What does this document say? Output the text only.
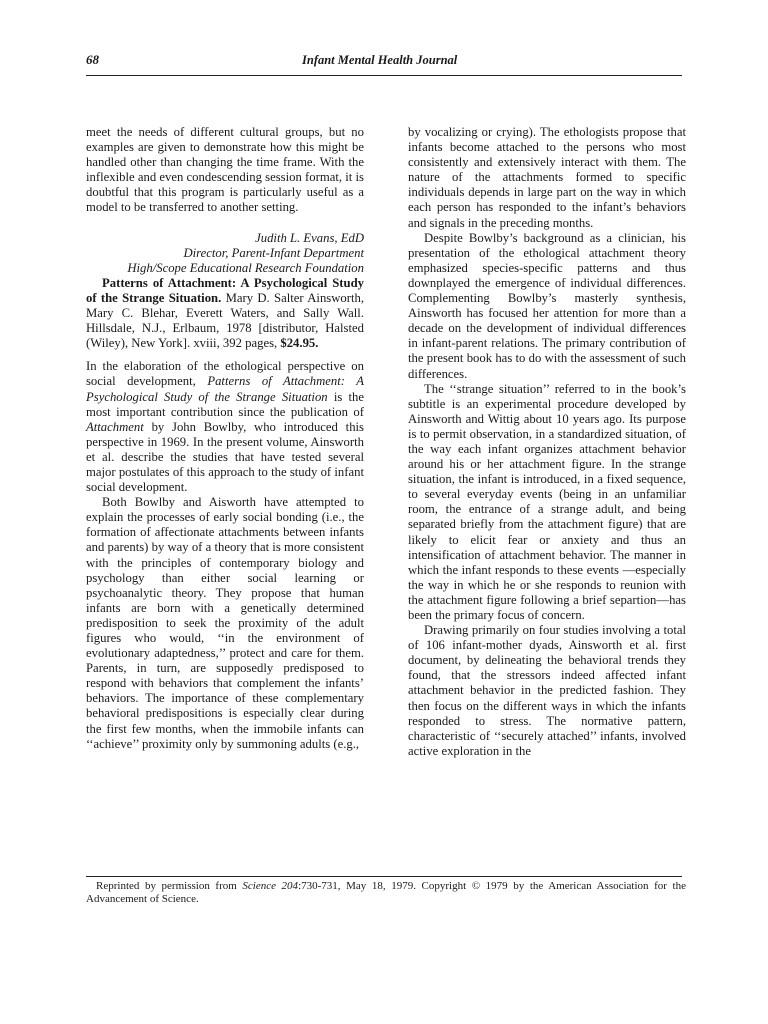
68	Infant Mental Health Journal

meet the needs of different cultural groups, but no examples are given to demonstrate how this might be handled other than changing the time frame. With the inflexible and even condescending session format, it is doubtful that this program is particularly useful as a model to be transferred to another setting.

Judith L. Evans, EdD
Director, Parent-Infant Department
High/Scope Educational Research Foundation

Patterns of Attachment: A Psychological Study of the Strange Situation. Mary D. Salter Ainsworth, Mary C. Blehar, Everett Waters, and Sally Wall. Hillsdale, N.J., Erlbaum, 1978 [distributor, Halsted (Wiley), New York]. xviii, 392 pages, $24.95.

In the elaboration of the ethological perspective on social development, Patterns of Attachment: A Psychological Study of the Strange Situation is the most important contribution since the publication of Attachment by John Bowlby, who introduced this perspective in 1969. In the present volume, Ainsworth et al. describe the studies that have tested several major postulates of this approach to the study of infant social development.

Both Bowlby and Aisworth have attempted to explain the processes of early social bonding (i.e., the formation of affectionate attachments between infants and parents) by way of a theory that is more consistent with the principles of contemporary biology and psychology than either social learning or psychoanalytic theory. They propose that human infants are born with a genetically determined predisposition to seek the proximity of the adult figures who would, ‘‘in the environment of evolutionary adaptedness,’’ protect and care for them. Parents, in turn, are supposedly predisposed to respond with behaviors that complement the infants’ behaviors. The importance of these complementary behavioral predispositions is especially clear during the first few months, when the immobile infants can ‘‘achieve’’ proximity only by summoning adults (e.g.,

by vocalizing or crying). The ethologists propose that infants become attached to the persons who most consistently and extensively interact with them. The nature of the attachments formed to specific individuals depends in large part on the way in which each person has responded to the infant’s behaviors and signals in the preceding months.

Despite Bowlby’s background as a clinician, his presentation of the ethological attachment theory emphasized species-specific patterns and thus downplayed the emergence of individual differences. Complementing Bowlby’s masterly synthesis, Ainsworth has focused her attention for more than a decade on the development of individual differences in infant-parent relations. The primary contribution of the present book has to do with the assessment of such differences.

The ‘‘strange situation’’ referred to in the book’s subtitle is an experimental procedure developed by Ainsworth and Wittig about 10 years ago. Its purpose is to permit observation, in a standardized situation, of the way each infant organizes attachment behavior around his or her attachment figure. In the strange situation, the infant is introduced, in a fixed sequence, to several everyday events (being in an unfamiliar room, the entrance of a strange adult, and being separated briefly from the attachment figure) that are likely to elicit fear or anxiety and thus an intensification of attachment behavior. The manner in which the infant responds to these events —especially the way in which he or she responds to reunion with the attachment figure following a brief separtion—has been the primary focus of concern.

Drawing primarily on four studies involving a total of 106 infant-mother dyads, Ainsworth et al. first document, by delineating the behavioral trends they found, that the stressors indeed affected infant attachment behavior in the predicted fashion. They then focus on the different ways in which the infants responded to stress. The normative pattern, characteristic of ‘‘securely attached’’ infants, involved active exploration in the

Reprinted by permission from Science 204:730-731, May 18, 1979. Copyright © 1979 by the American Association for the Advancement of Science.
